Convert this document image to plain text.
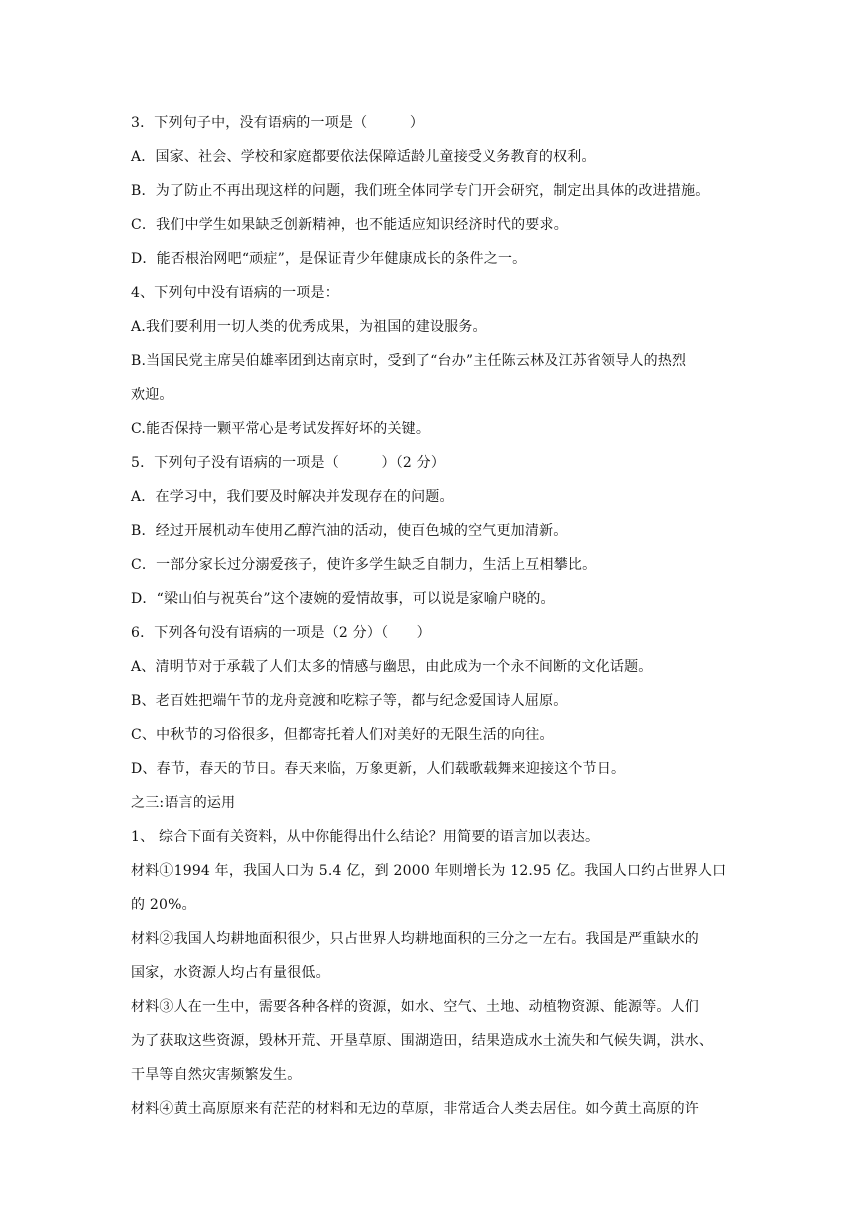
3．下列句子中，没有语病的一项是（　　　）
A．国家、社会、学校和家庭都要依法保障适龄儿童接受义务教育的权利。
B．为了防止不再出现这样的问题，我们班全体同学专门开会研究，制定出具体的改进措施。
C．我们中学生如果缺乏创新精神，也不能适应知识经济时代的要求。
D．能否根治网吧“顽症”，是保证青少年健康成长的条件之一。
4、下列句中没有语病的一项是：
A.我们要利用一切人类的优秀成果，为祖国的建设服务。
B.当国民党主席吴伯雄率团到达南京时，受到了“台办”主任陈云林及江苏省领导人的热烈
欢迎。
C.能否保持一颗平常心是考试发挥好坏的关键。
5．下列句子没有语病的一项是（　　　）（2 分）
A．在学习中，我们要及时解决并发现存在的问题。
B．经过开展机动车使用乙醇汽油的活动，使百色城的空气更加清新。
C．一部分家长过分溺爱孩子，使许多学生缺乏自制力，生活上互相攀比。
D．“梁山伯与祝英台”这个凄婉的爱情故事，可以说是家喻户晓的。
6．下列各句没有语病的一项是（2 分）（　　）
A、清明节对于承载了人们太多的情感与幽思，由此成为一个永不间断的文化话题。
B、老百姓把端午节的龙舟竞渡和吃粽子等，都与纪念爱国诗人屈原。
C、中秋节的习俗很多，但都寄托着人们对美好的无限生活的向往。
D、春节，春天的节日。春天来临，万象更新，人们载歌载舞来迎接这个节日。
之三:语言的运用
1、 综合下面有关资料，从中你能得出什么结论？用简要的语言加以表达。
材料①1994 年，我国人口为 5.4 亿，到 2000 年则增长为 12.95 亿。我国人口约占世界人口
的 20%。
材料②我国人均耕地面积很少，只占世界人均耕地面积的三分之一左右。我国是严重缺水的
国家，水资源人均占有量很低。
材料③人在一生中，需要各种各样的资源，如水、空气、土地、动植物资源、能源等。人们
为了获取这些资源，毁林开荒、开垦草原、围湖造田，结果造成水土流失和气候失调，洪水、
干旱等自然灾害频繁发生。
材料④黄土高原原来有茫茫的材料和无边的草原，非常适合人类去居住。如今黄土高原的许
